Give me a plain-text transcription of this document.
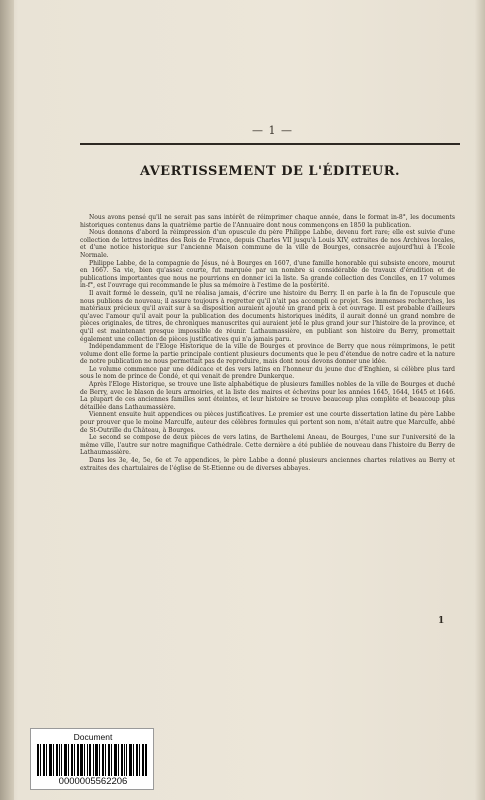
— 1 —
AVERTISSEMENT DE L'ÉDITEUR.

Nous avons pensé qu'il ne serait pas sans intérêt de réimprimer chaque année, dans le format in-8°, les documents historiques contenus dans la quatrième partie de l'Annuaire dont nous commençons en 1850 la publication.

Nous donnons d'abord la réimpression d'un opuscule du père Philippe Labbe, devenu fort rare; elle est suivie d'une collection de lettres inédites des Rois de France, depuis Charles VII jusqu'à Louis XIV, extraites de nos Archives locales, et d'une notice historique sur l'ancienne Maison commune de la ville de Bourges, consacrée aujourd'hui à l'Ecole Normale.

Philippe Labbe, de la compagnie de Jésus, né à Bourges en 1607, d'une famille honorable qui subsiste encore, mourut en 1667. Sa vie, bien qu'assez courte, fut marquée par un nombre si considérable de travaux d'érudition et de publications importantes que nous ne pourrions en donner ici la liste. Sa grande collection des Conciles, en 17 volumes in-f°, est l'ouvrage qui recommande le plus sa mémoire à l'estime de la postérité.

Il avait formé le dessein, qu'il ne réalisa jamais, d'écrire une histoire du Berry. Il en parle à la fin de l'opuscule que nous publions de nouveau; il assure toujours à regretter qu'il n'ait pas accompli ce projet. Ses immenses recherches, les matériaux précieux qu'il avait sur à sa disposition auraient ajouté un grand prix à cet ouvrage. Il est probable d'ailleurs qu'avec l'amour qu'il avait pour la publication des documents historiques inédits, il aurait donné un grand nombre de pièces originales, de titres, de chroniques manuscrites qui auraient jeté le plus grand jour sur l'histoire de la province, et qu'il est maintenant presque impossible de réunir. Lathaumassière, en publiant son histoire du Berry, promettait également une collection de pièces justificatives qui n'a jamais paru.

Indépendamment de l'Eloge Historique de la ville de Bourges et province de Berry que nous réimprimons, le petit volume dont elle forme la partie principale contient plusieurs documents que le peu d'étendue de notre cadre et la nature de notre publication ne nous permettait pas de reproduire, mais dont nous devons donner une idée.

Le volume commence par une dédicace et des vers latins en l'honneur du jeune duc d'Enghien, si célèbre plus tard sous le nom de prince de Condé, et qui venait de prendre Dunkerque.

Après l'Eloge Historique, se trouve une liste alphabétique de plusieurs familles nobles de la ville de Bourges et duché de Berry, avec le blason de leurs armoiries, et la liste des maires et échevins pour les années 1645, 1644, 1645 et 1646. La plupart de ces anciennes familles sont éteintes, et leur histoire se trouve beaucoup plus complète et beaucoup plus détaillée dans Lathaumassière.

Viennent ensuite huit appendices ou pièces justificatives. Le premier est une courte dissertation latine du père Labbe pour prouver que le moine Marculfe, auteur des célèbres formules qui portent son nom, n'était autre que Marculfe, abbé de St-Outrille du Château, à Bourges.

Le second se compose de deux pièces de vers latins, de Barthelemi Aneau, de Bourges, l'une sur l'université de la même ville, l'autre sur notre magnifique Cathédrale. Cette dernière a été publiée de nouveau dans l'histoire du Berry de Lathaumassière.

Dans les 3e, 4e, 5e, 6e et 7e appendices, le père Labbe a donné plusieurs anciennes chartes relatives au Berry et extraites des chartulaires de l'église de St-Etienne ou de diverses abbayes.

1
Document
0000005562206
